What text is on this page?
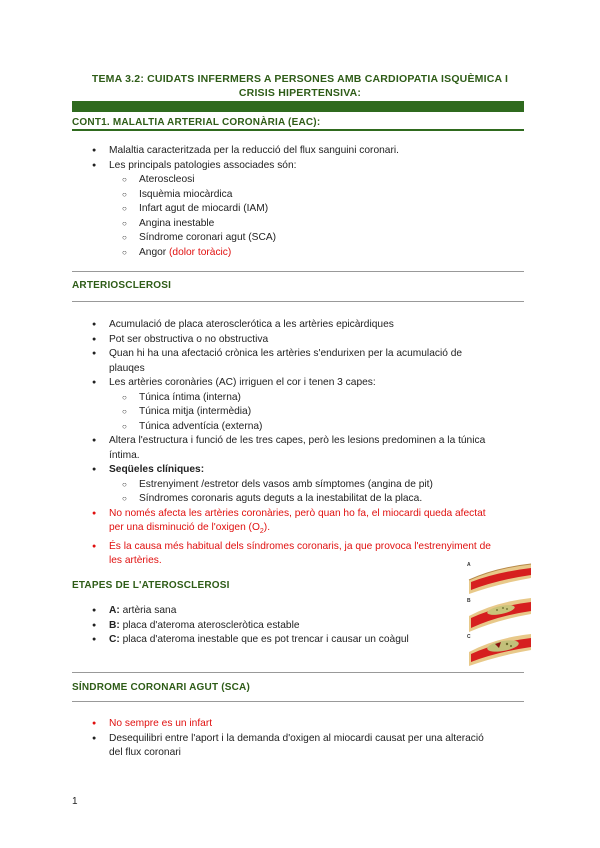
TEMA 3.2: CUIDATS INFERMERS A PERSONES AMB CARDIOPATIA ISQUÈMICA I
CRISIS HIPERTENSIVA:
CONT1. MALALTIA ARTERIAL CORONÀRIA (EAC):
● Malaltia caracteritzada per la reducció del flux sanguini coronari.
● Les principals patologies associades són:
○ Ateroscleosi
○ Isquèmia miocàrdica
○ Infart agut de miocardi (IAM)
○ Angina inestable
○ Síndrome coronari agut (SCA)
○ Angor (dolor toràcic)
ARTERIOSCLEROSI
● Acumulació de placa aterosclerótica a les artèries epicàrdiques
● Pot ser obstructiva o no obstructiva
● Quan hi ha una afectació crònica les artèries s'endurixen per la acumulació de
plauqes
● Les artèries coronàries (AC) irriguen el cor i tenen 3 capes:
○ Túnica íntima (interna)
○ Túnica mitja (intermèdia)
○ Túnica adventícia (externa)
● Altera l'estructura i funció de les tres capes, però les lesions predominen a la túnica
íntima.
● Seqüeles clíniques:
○ Estrenyiment /estretor dels vasos amb símptomes (angina de pit)
○ Síndromes coronaris aguts deguts a la inestabilitat de la placa.
● No només afecta les artèries coronàries, però quan ho fa, el miocardi queda afectat
per una disminució de l'oxigen $(O_2)$.
● És la causa més habitual dels síndromes coronaris, ja que provoca l'estrenyiment de
les artèries.
ETAPES DE L'ATEROSCLEROSI
● A: artèria sana
● B: placa d'ateroma ateroscleròtica estable
● C: placa d'ateroma inestable que es pot trencar i causar un coàgul
A
B
C
SÍNDROME CORONARI AGUT (SCA)
● No sempre es un infart
● Desequilibri entre l'aport i la demanda d'oxigen al miocardi causat per una alteració
del flux coronari
1
